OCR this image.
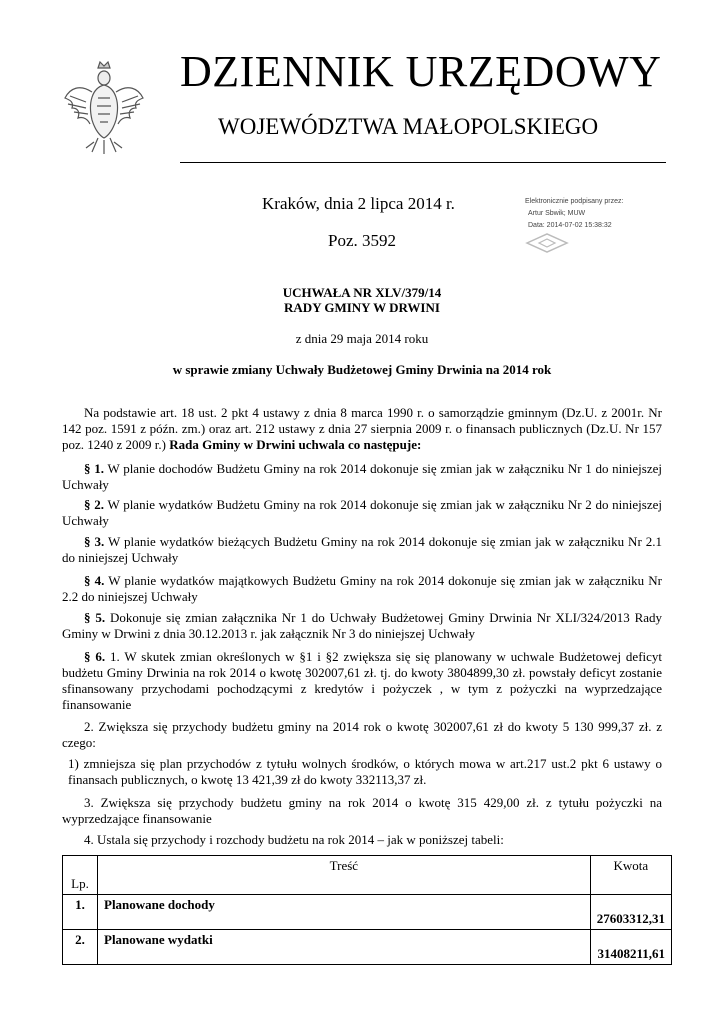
DZIENNIK URZĘDOWY
WOJEWÓDZTWA MAŁOPOLSKIEGO
Kraków, dnia 2 lipca 2014 r.
Poz. 3592
Elektronicznie podpisany przez:
Artur Sbwik; MUW
Data: 2014-07-02 15:38:32
UCHWAŁA NR XLV/379/14
RADY GMINY W DRWINI
z dnia 29 maja 2014 roku
w sprawie zmiany Uchwały Budżetowej Gminy Drwinia na 2014 rok
Na podstawie art. 18 ust. 2 pkt 4 ustawy z dnia 8 marca 1990 r. o samorządzie gminnym (Dz.U. z 2001r. Nr 142 poz. 1591 z późn. zm.) oraz art. 212 ustawy z dnia 27 sierpnia 2009 r. o finansach publicznych (Dz.U. Nr 157 poz. 1240 z 2009 r.) Rada Gminy w Drwini uchwala co następuje:
§ 1. W planie dochodów Budżetu Gminy na rok 2014 dokonuje się zmian jak w załączniku Nr 1 do niniejszej Uchwały
§ 2. W planie wydatków Budżetu Gminy na rok 2014 dokonuje się zmian jak w załączniku Nr 2 do niniejszej Uchwały
§ 3. W planie wydatków bieżących Budżetu Gminy na rok 2014 dokonuje się zmian jak w załączniku Nr 2.1 do niniejszej Uchwały
§ 4. W planie wydatków majątkowych Budżetu Gminy na rok 2014 dokonuje się zmian jak w załączniku Nr 2.2 do niniejszej Uchwały
§ 5. Dokonuje się zmian załącznika Nr 1 do Uchwały Budżetowej Gminy Drwinia Nr XLI/324/2013 Rady Gminy w Drwini z dnia 30.12.2013 r. jak załącznik Nr 3 do niniejszej Uchwały
§ 6. 1. W skutek zmian określonych w §1 i §2 zwiększa się się planowany w uchwale Budżetowej deficyt budżetu Gminy Drwinia na rok 2014 o kwotę 302007,61 zł. tj. do kwoty 3804899,30 zł. powstały deficyt zostanie sfinansowany przychodami pochodzącymi z kredytów i pożyczek , w tym z pożyczki na wyprzedzające finansowanie
2. Zwiększa się przychody budżetu gminy na 2014 rok o kwotę 302007,61 zł do kwoty 5 130 999,37 zł. z czego:
1) zmniejsza się plan przychodów z tytułu wolnych środków, o których mowa w art.217 ust.2 pkt 6 ustawy o finansach publicznych, o kwotę 13 421,39 zł do kwoty 332113,37 zł.
3. Zwiększa się przychody budżetu gminy na rok 2014 o kwotę 315 429,00 zł. z tytułu pożyczki na wyprzedzające finansowanie
4. Ustala się przychody i rozchody budżetu na rok 2014 – jak w poniższej tabeli:
Lp.	Treść	Kwota
1.	Planowane dochody	27603312,31
2.	Planowane wydatki	31408211,61
